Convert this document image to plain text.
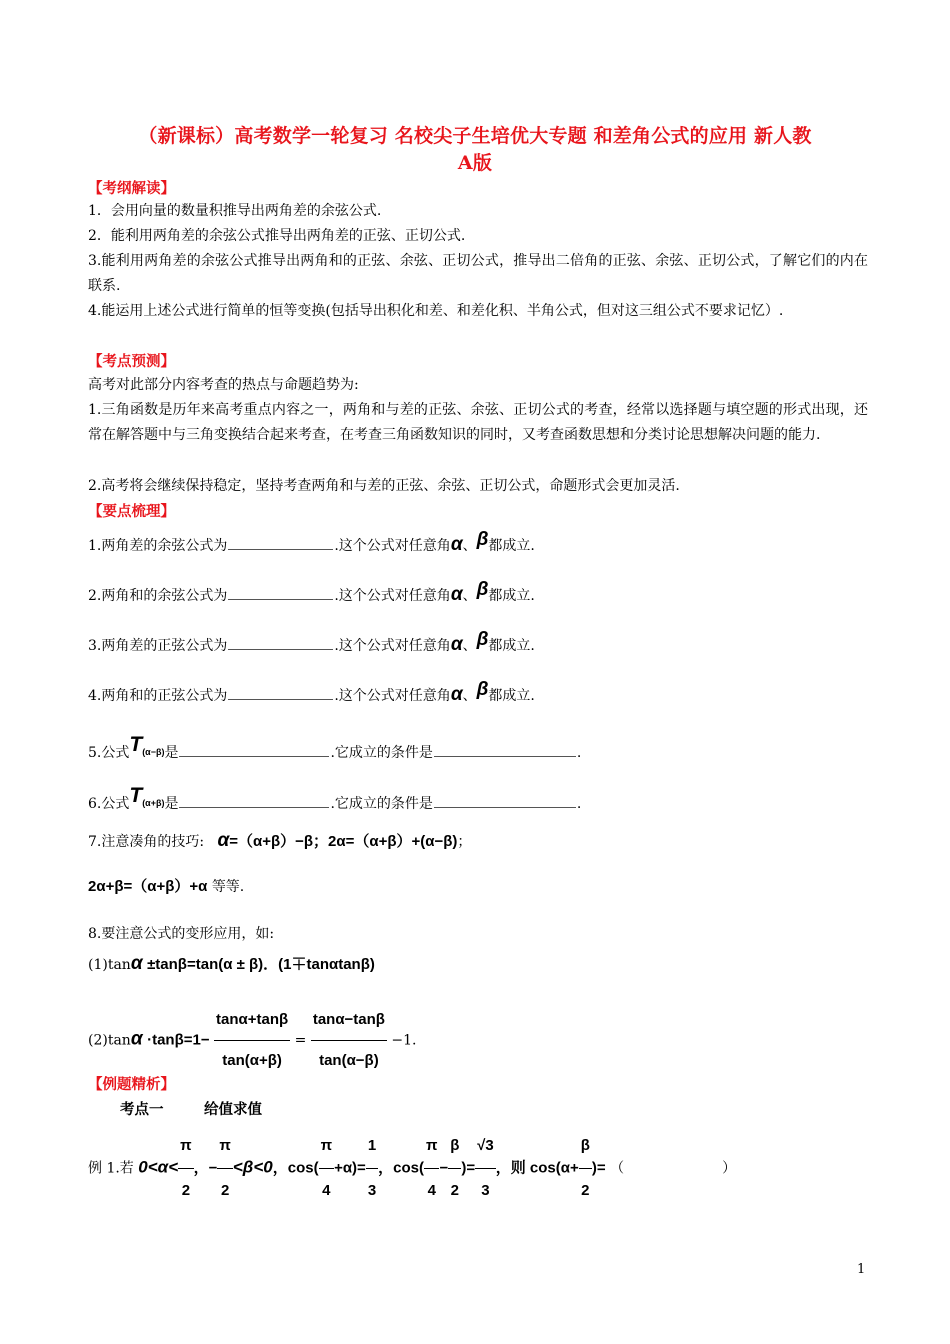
（新课标）高考数学一轮复习 名校尖子生培优大专题 和差角公式的应用 新人教
A版
【考纲解读】
1．会用向量的数量积推导出两角差的余弦公式.
2．能利用两角差的余弦公式推导出两角差的正弦、正切公式.
3.能利用两角差的余弦公式推导出两角和的正弦、余弦、正切公式，推导出二倍角的正弦、余弦、正切公式，了解它们的内在联系.
4.能运用上述公式进行简单的恒等变换(包括导出积化和差、和差化积、半角公式，但对这三组公式不要求记忆）.
【考点预测】
高考对此部分内容考查的热点与命题趋势为:
1.三角函数是历年来高考重点内容之一，两角和与差的正弦、余弦、正切公式的考查，经常以选择题与填空题的形式出现，还常在解答题中与三角变换结合起来考查，在考查三角函数知识的同时，又考查函数思想和分类讨论思想解决问题的能力.
2.高考将会继续保持稳定，坚持考查两角和与差的正弦、余弦、正切公式，命题形式会更加灵活.
【要点梳理】
1.两角差的余弦公式为	.这个公式对任意角α、β都成立.
2.两角和的余弦公式为	.这个公式对任意角α、β都成立.
3.两角差的正弦公式为	.这个公式对任意角α、β都成立.
4.两角和的正弦公式为	.这个公式对任意角α、β都成立.
5.公式$T^{(\alpha-\beta)}$是	.它成立的条件是	.
6.公式$T^{(\alpha+\beta)}$是	.它成立的条件是	.
7.注意凑角的技巧: α=（α+β）−β；2α=（α+β）+(α−β)；
2α+β=（α+β）+α 等等.
8.要注意公式的变形应用，如:
(1)tanα ±tanβ=tan(α ± β)．(1∓tanαtanβ)
$(2)\tan\alpha \cdot\tan\beta=1- \frac{\tan\alpha+\tan\beta}{\tan(\alpha+\beta)} = \frac{\tan\alpha-\tan\beta}{\tan(\alpha-\beta)} -1$.
【例题精析】
考点一	给值求值
例 1.若 $0<\alpha< \frac{\pi}{2}$ ，− $\frac{\pi}{2} <\beta<0$，$\cos( \frac{\pi}{4} +\alpha)= \frac{1}{3}$ ，$\cos( \frac{\pi}{4} - \frac{\beta}{2}$ )= $\frac{√3}{3}$ ，则 $\cos(\alpha+ \frac{\beta}{2}$ )= （　　　　　　　）
1
